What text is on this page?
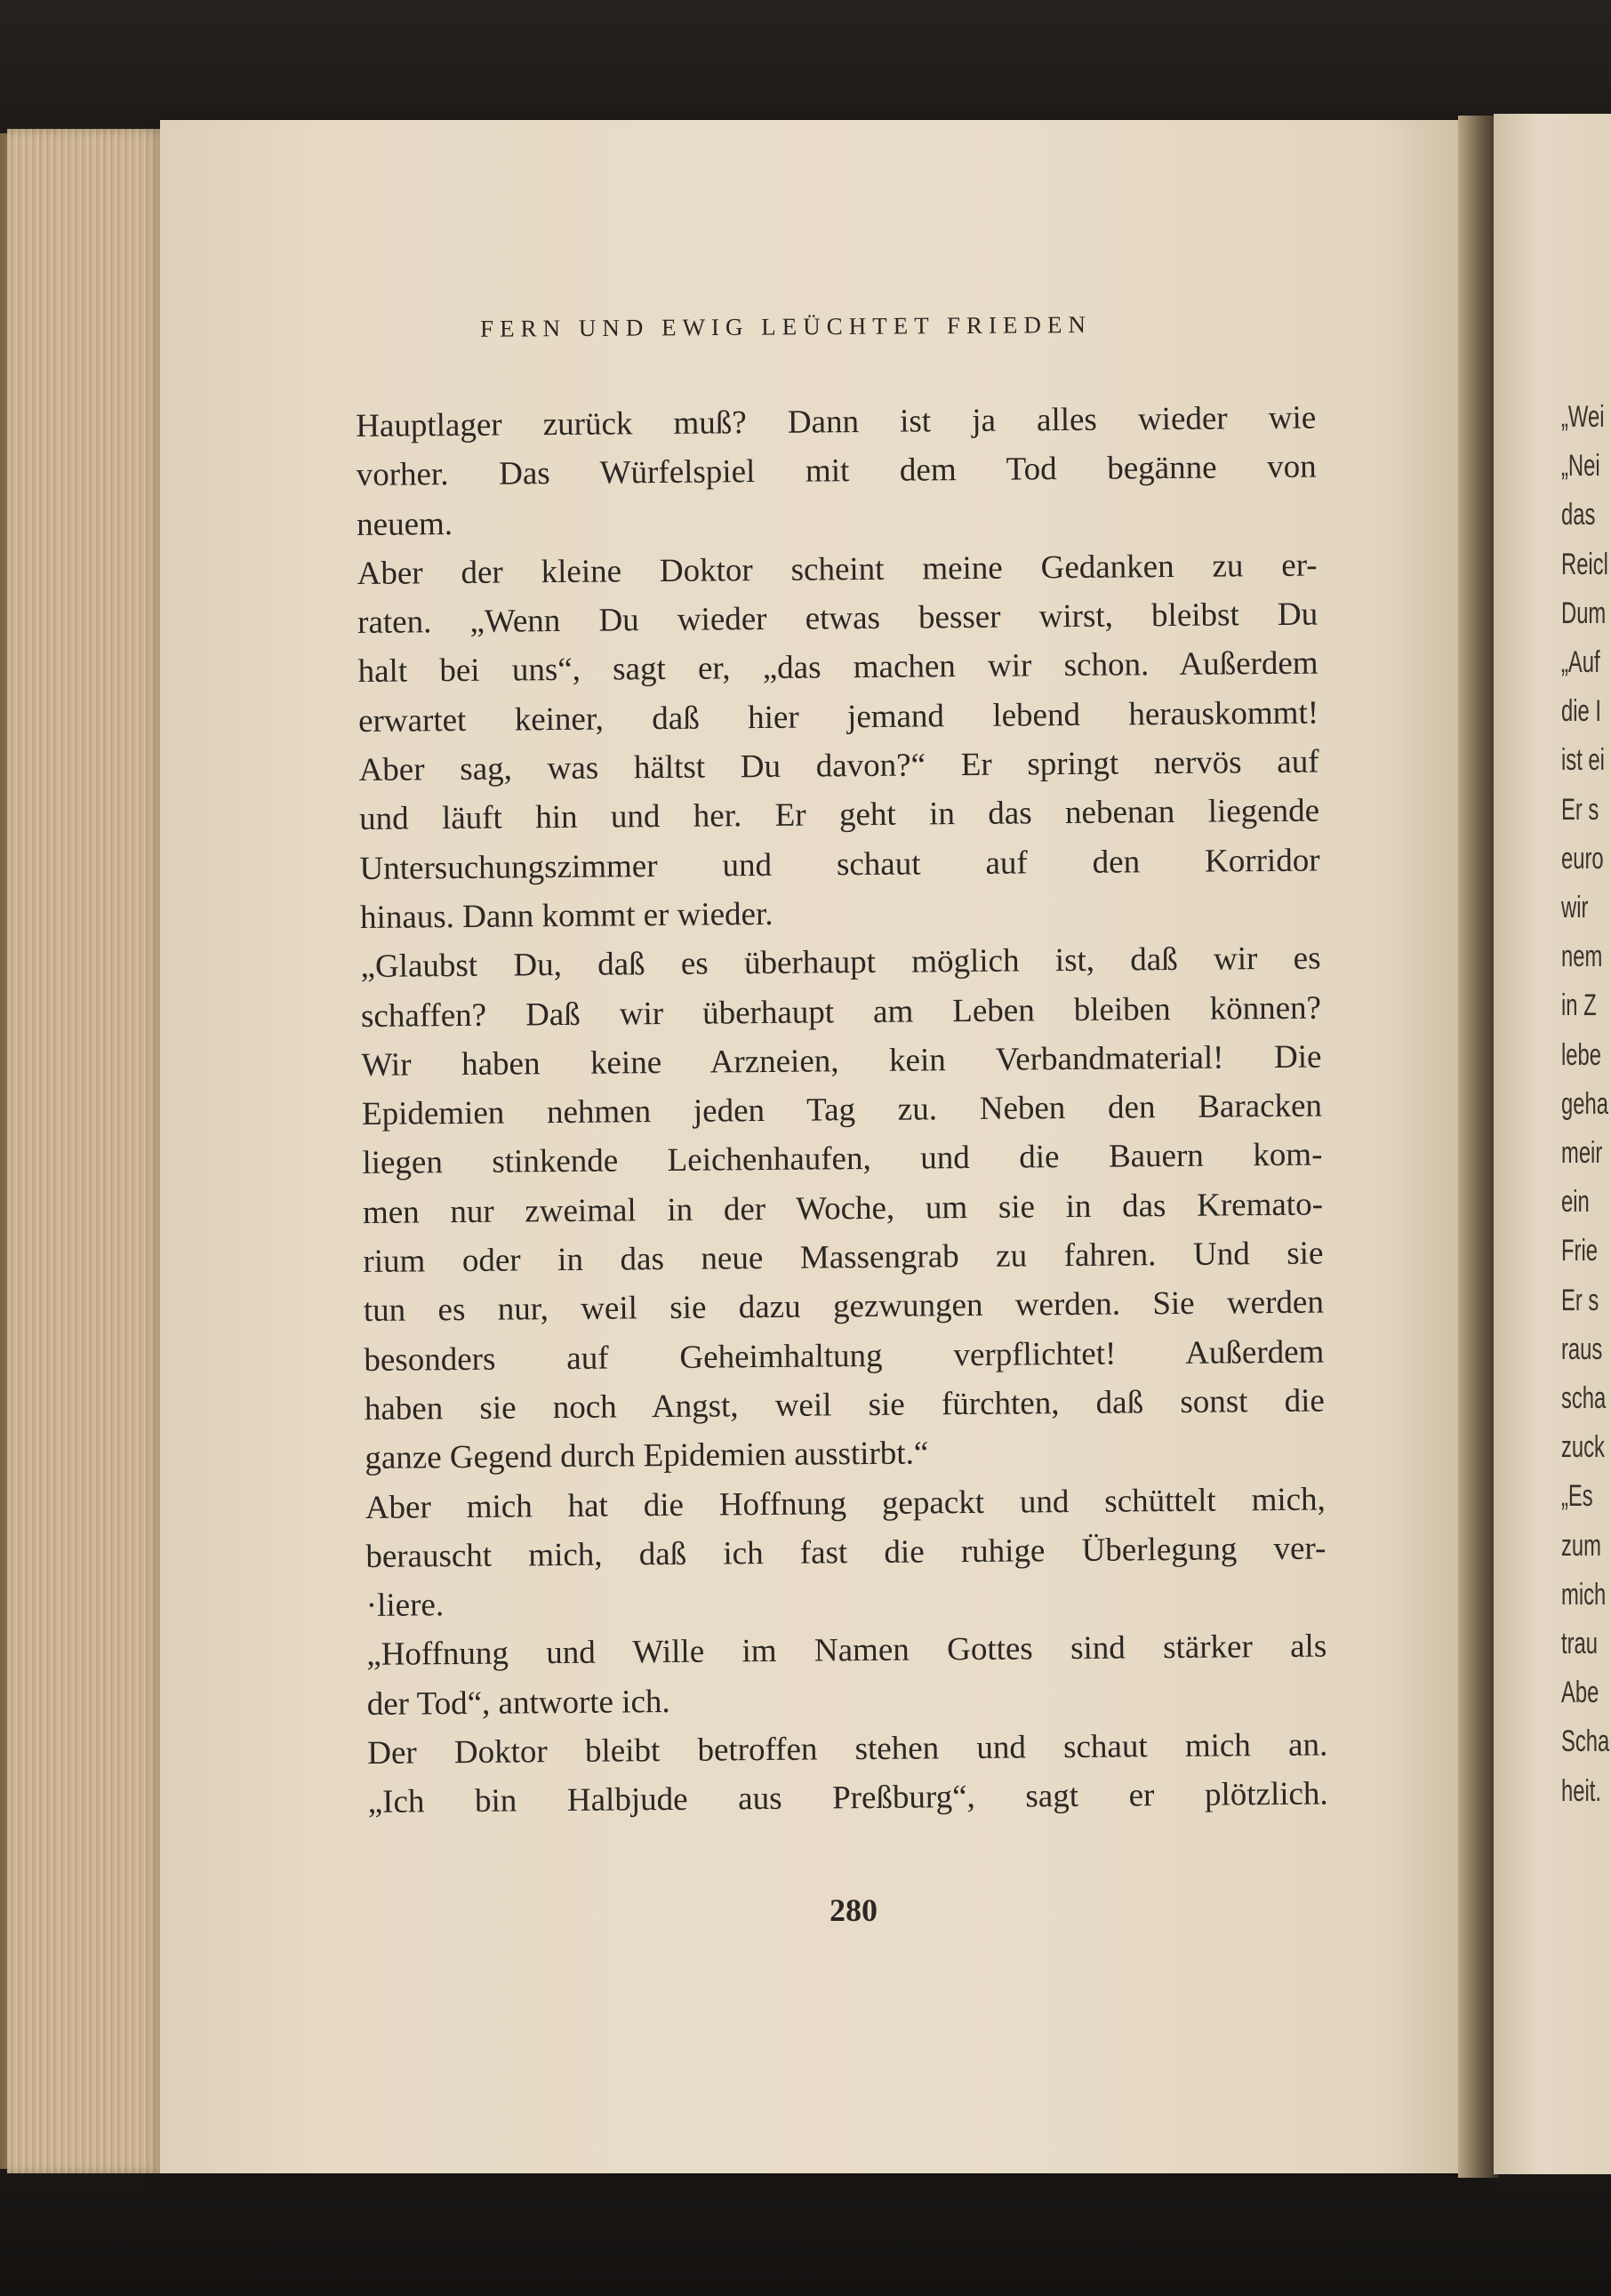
FERN UND EWIG LEÜCHTET FRIEDEN
Hauptlager zurück muß? Dann ist ja alles wieder wie
vorher. Das Würfelspiel mit dem Tod begänne von
neuem.
Aber der kleine Doktor scheint meine Gedanken zu er-
raten. „Wenn Du wieder etwas besser wirst, bleibst Du
halt bei uns“, sagt er, „das machen wir schon. Außerdem
erwartet keiner, daß hier jemand lebend herauskommt!
Aber sag, was hältst Du davon?“ Er springt nervös auf
und läuft hin und her. Er geht in das nebenan liegende
Untersuchungszimmer und schaut auf den Korridor
hinaus. Dann kommt er wieder.
„Glaubst Du, daß es überhaupt möglich ist, daß wir es
schaffen? Daß wir überhaupt am Leben bleiben können?
Wir haben keine Arzneien, kein Verbandmaterial! Die
Epidemien nehmen jeden Tag zu. Neben den Baracken
liegen stinkende Leichenhaufen, und die Bauern kom-
men nur zweimal in der Woche, um sie in das Kremato-
rium oder in das neue Massengrab zu fahren. Und sie
tun es nur, weil sie dazu gezwungen werden. Sie werden
besonders auf Geheimhaltung verpflichtet! Außerdem
haben sie noch Angst, weil sie fürchten, daß sonst die
ganze Gegend durch Epidemien ausstirbt.“
Aber mich hat die Hoffnung gepackt und schüttelt mich,
berauscht mich, daß ich fast die ruhige Überlegung ver-
·liere.
„Hoffnung und Wille im Namen Gottes sind stärker als
der Tod“, antworte ich.
Der Doktor bleibt betroffen stehen und schaut mich an.
„Ich bin Halbjude aus Preßburg“, sagt er plötzlich.
280
„Wei
„Nei
das
Reicl
Dum
„Auf
die I
ist ei
Er s
euro
wir
nem
in Z
lebe
geha
meir
ein
Frie
Er s
raus
scha
zuck
„Es
zum
mich
trau
Abe
Scha
heit.
